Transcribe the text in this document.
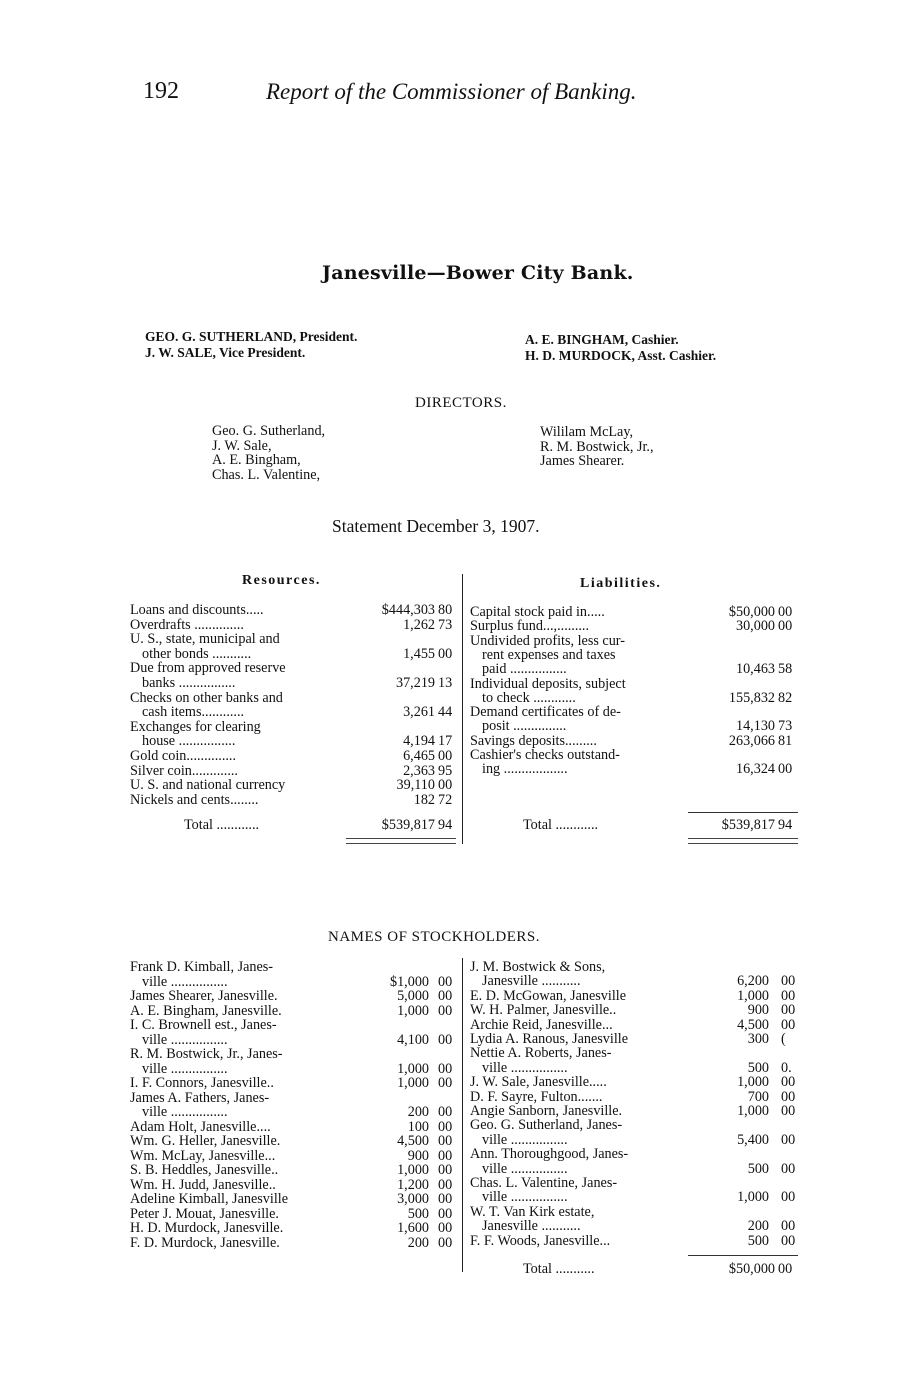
192	Report of the Commissioner of Banking.
Janesville—Bower City Bank.
GEO. G. SUTHERLAND, President.
J. W. SALE, Vice President.
A. E. BINGHAM, Cashier.
H. D. MURDOCK, Asst. Cashier.
DIRECTORS.
Geo. G. Sutherland,
J. W. Sale,
A. E. Bingham,
Chas. L. Valentine,
Wililam McLay,
R. M. Bostwick, Jr.,
James Shearer.
Statement December 3, 1907.
Resources.	Liabilities.
Loans and discounts.....	$444,303 80
Overdrafts ..............	1,262 73
U. S., state, municipal and
other bonds ...........	1,455 00
Due from approved reserve
banks ................	37,219 13
Checks on other banks and
cash items............	3,261 44
Exchanges for clearing
house ................	4,194 17
Gold coin..............	6,465 00
Silver coin.............	2,363 95
U. S. and national currency	39,110 00
Nickels and cents........	182 72
Capital stock paid in.....	$50,000 00
Surplus fund...,.........	30,000 00
Undivided profits, less cur-
rent expenses and taxes
paid ................	10,463 58
Individual deposits, subject
to check ............	155,832 82
Demand certificates of de-
posit ...............	14,130 73
Savings deposits.........	263,066 81
Cashier's checks outstand-
ing ..................	16,324 00
Total ............	$539,817 94	Total ............	$539,817 94
NAMES OF STOCKHOLDERS.
Frank D. Kimball, Janes-
ville ................	$1,000 00
James Shearer, Janesville.	5,000 00
A. E. Bingham, Janesville.	1,000 00
I. C. Brownell est., Janes-
ville ................	4,100 00
R. M. Bostwick, Jr., Janes-
ville ................	1,000 00
I. F. Connors, Janesville..	1,000 00
James A. Fathers, Janes-
ville ................	200 00
Adam Holt, Janesville....	100 00
Wm. G. Heller, Janesville.	4,500 00
Wm. McLay, Janesville...	900 00
S. B. Heddles, Janesville..	1,000 00
Wm. H. Judd, Janesville..	1,200 00
Adeline Kimball, Janesville	3,000 00
Peter J. Mouat, Janesville.	500 00
H. D. Murdock, Janesville.	1,600 00
F. D. Murdock, Janesville.	200 00
J. M. Bostwick & Sons,
Janesville ...........	6,200 00
E. D. McGowan, Janesville	1,000 00
W. H. Palmer, Janesville..	900 00
Archie Reid, Janesville...	4,500 00
Lydia A. Ranous, Janesville	300 (
Nettie A. Roberts, Janes-
ville ................	500 0.
J. W. Sale, Janesville.....	1,000 00
D. F. Sayre, Fulton.......	700 00
Angie Sanborn, Janesville.	1,000 00
Geo. G. Sutherland, Janes-
ville ................	5,400 00
Ann. Thoroughgood, Janes-
ville ................	500 00
Chas. L. Valentine, Janes-
ville ................	1,000 00
W. T. Van Kirk estate,
Janesville ...........	200 00
F. F. Woods, Janesville...	500 00
Total ...........	$50,000 00
